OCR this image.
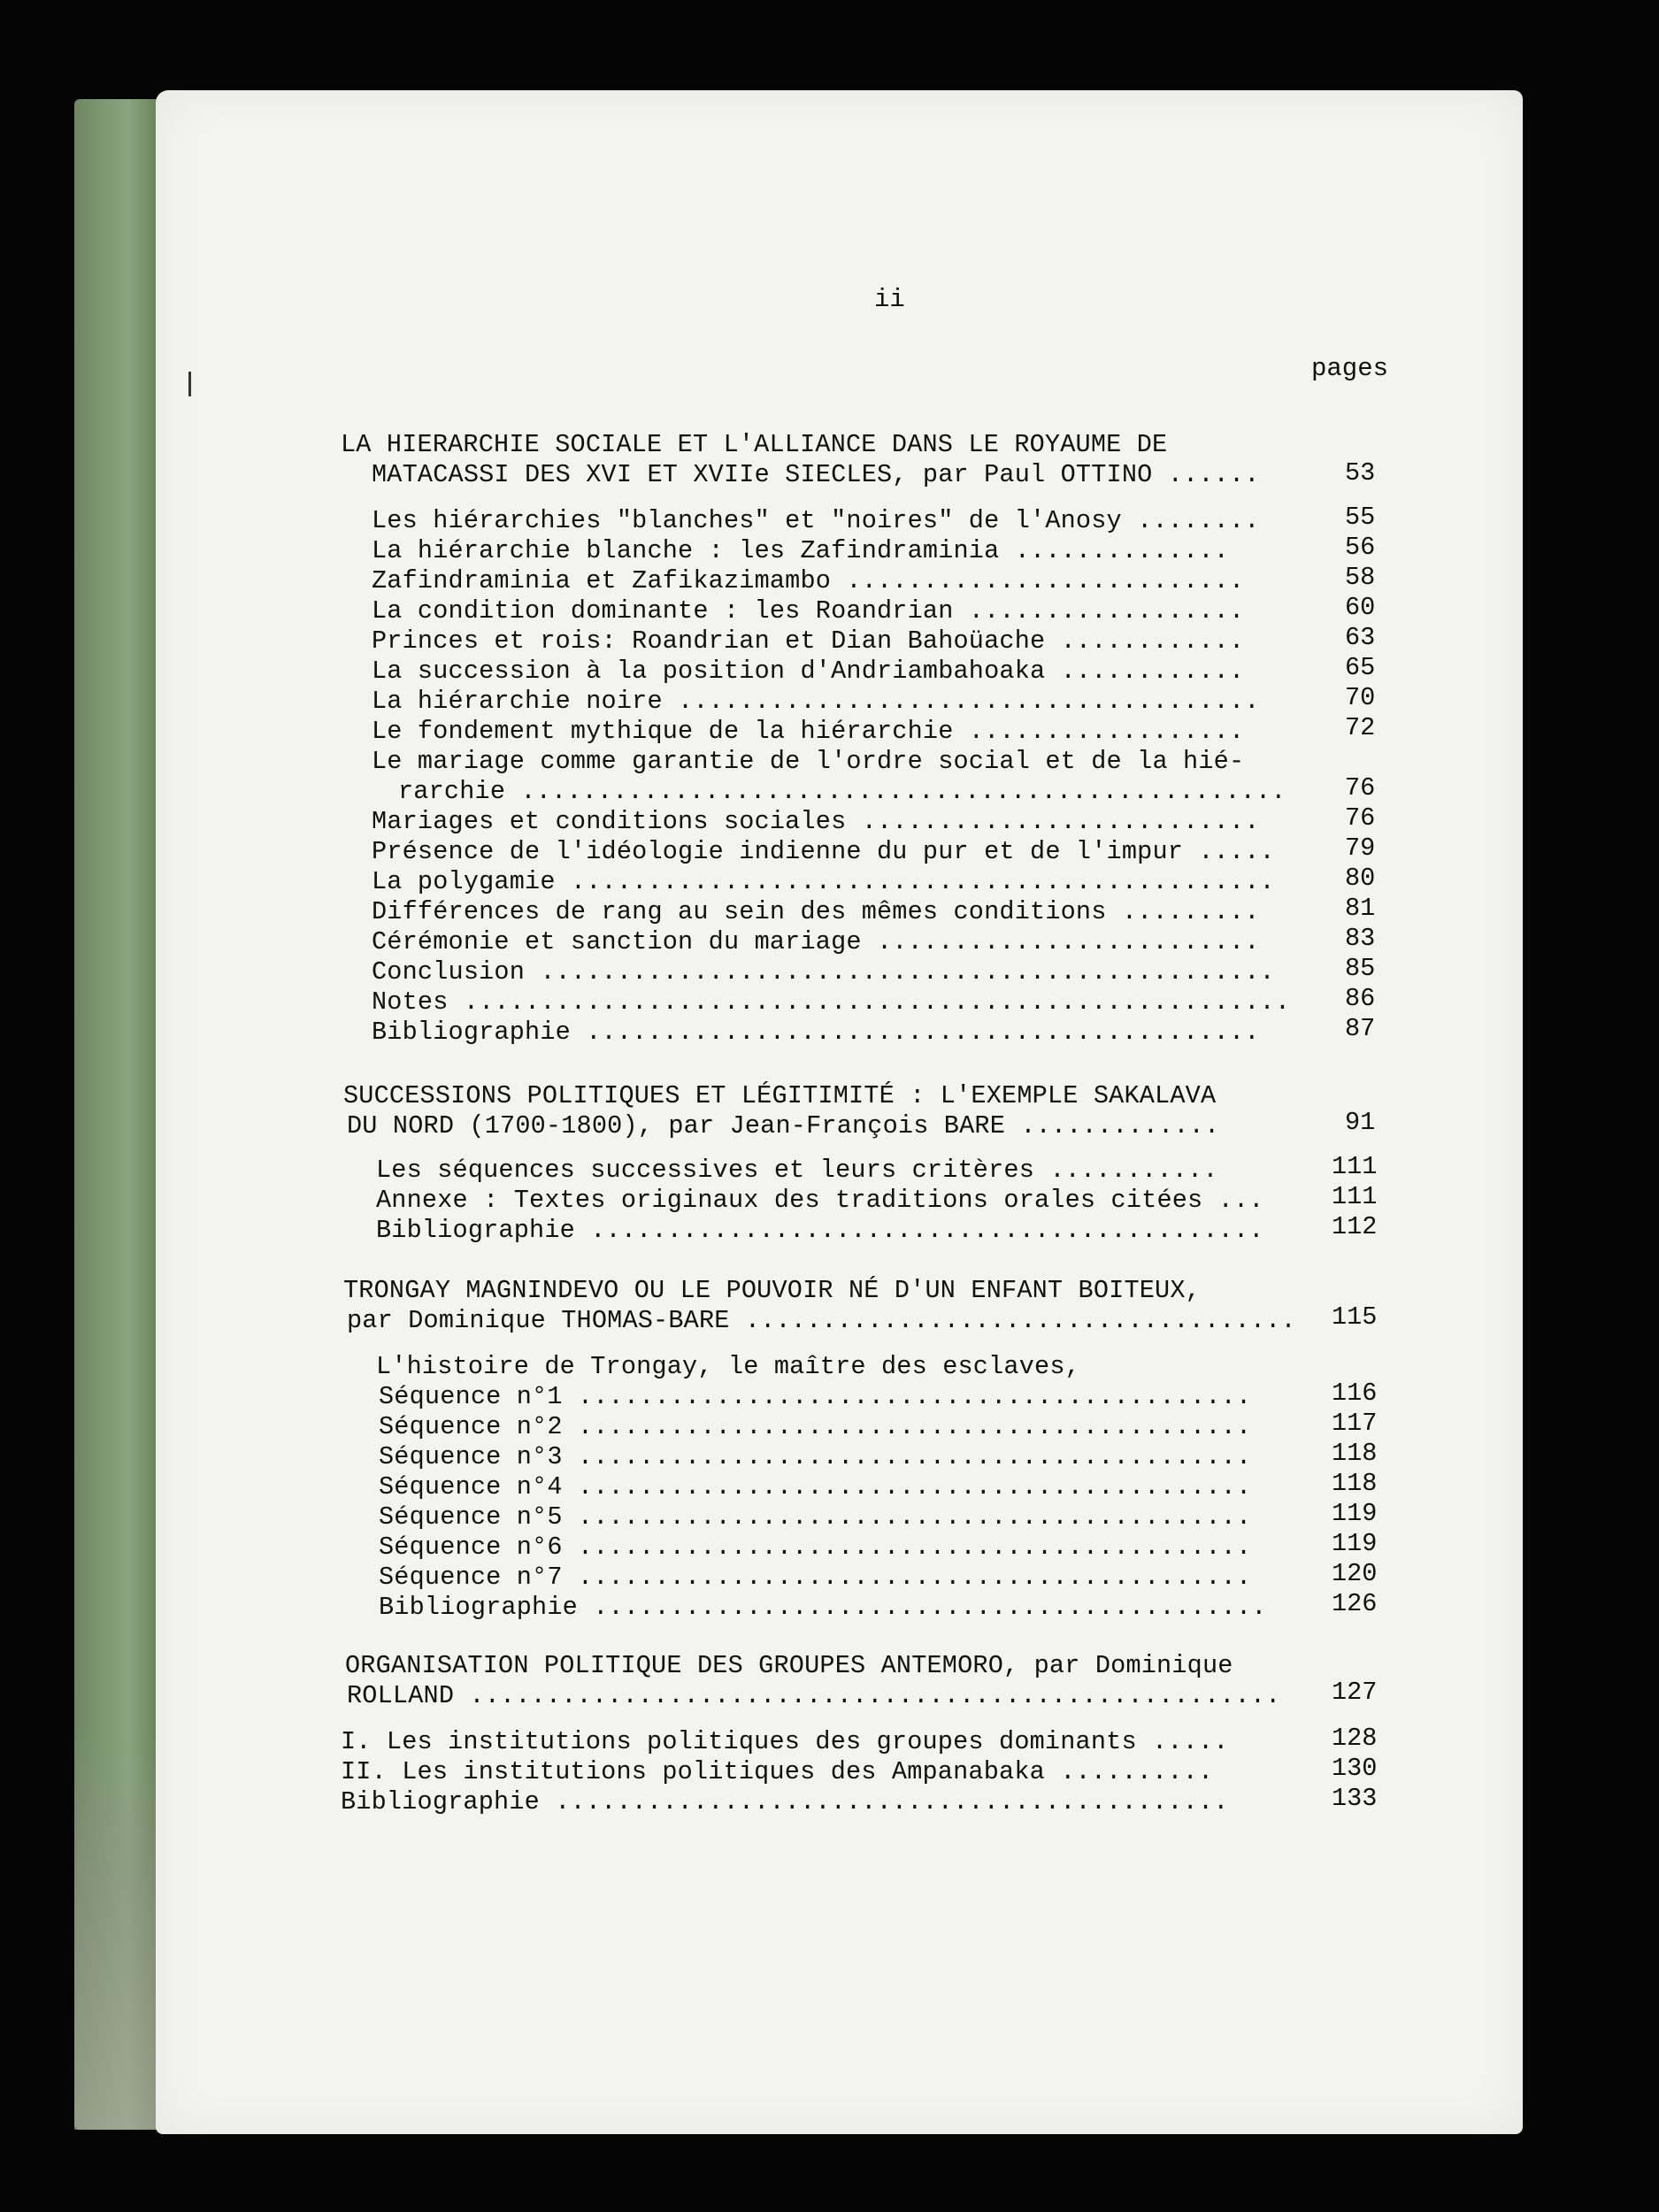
ii
pages
LA HIERARCHIE SOCIALE ET L'ALLIANCE DANS LE ROYAUME DE
MATACASSI DES XVI ET XVIIe SIECLES, par Paul OTTINO ......	53
Les hiérarchies "blanches" et "noires" de l'Anosy ........	55
La hiérarchie blanche : les Zafindraminia ..............	56
Zafindraminia et Zafikazimambo ..........................	58
La condition dominante : les Roandrian ..................	60
Princes et rois: Roandrian et Dian Bahoüache ............	63
La succession à la position d'Andriambahoaka ............	65
La hiérarchie noire ......................................	70
Le fondement mythique de la hiérarchie ..................	72
Le mariage comme garantie de l'ordre social et de la hié-
rarchie .................................................. 76
Mariages et conditions sociales ..........................	76
Présence de l'idéologie indienne du pur et de l'impur .....	79
La polygamie ..............................................	80
Différences de rang au sein des mêmes conditions .........	81
Cérémonie et sanction du mariage .........................	83
Conclusion ................................................	85
Notes ...................................................... 86
Bibliographie ............................................	87
SUCCESSIONS POLITIQUES ET LÉGITIMITÉ : L'EXEMPLE SAKALAVA
DU NORD (1700-1800), par Jean-François BARE .............	91
Les séquences successives et leurs critères ...........	111
Annexe : Textes originaux des traditions orales citées ...	111
Bibliographie ............................................	112
TRONGAY MAGNINDEVO OU LE POUVOIR NÉ D'UN ENFANT BOITEUX,
par Dominique THOMAS-BARE .................................... 115
L'histoire de Trongay, le maître des esclaves,
Séquence n°1 ............................................	116
Séquence n°2 ............................................	117
Séquence n°3 ............................................	118
Séquence n°4 ............................................	118
Séquence n°5 ............................................	119
Séquence n°6 ............................................	119
Séquence n°7 ............................................	120
Bibliographie ............................................	126
ORGANISATION POLITIQUE DES GROUPES ANTEMORO, par Dominique
ROLLAND ..................................................... 127
I. Les institutions politiques des groupes dominants .....	128
II. Les institutions politiques des Ampanabaka ..........	130
Bibliographie ............................................	133
